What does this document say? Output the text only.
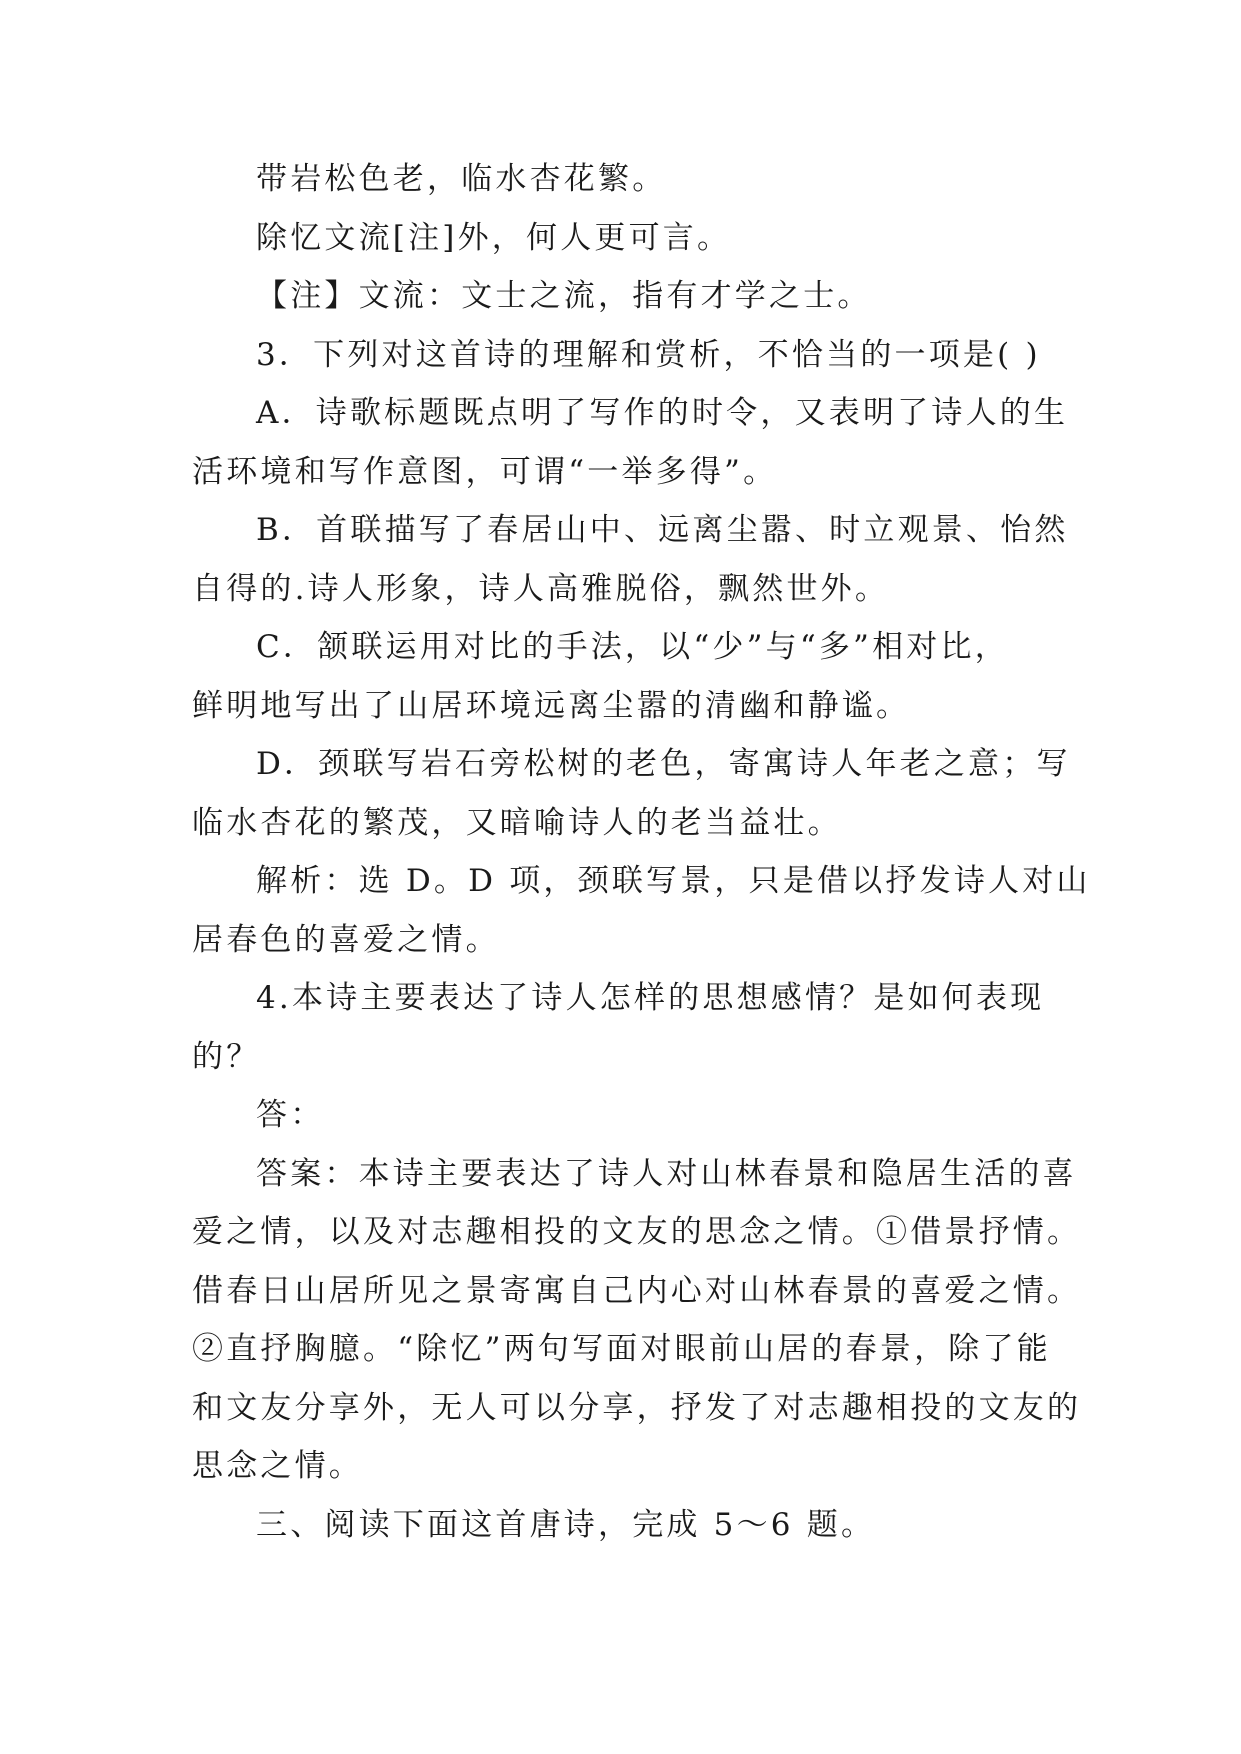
带岩松色老，临水杏花繁。
除忆文流[注]外，何人更可言。
【注】文流：文士之流，指有才学之士。
3．下列对这首诗的理解和赏析，不恰当的一项是( )
A．诗歌标题既点明了写作的时令，又表明了诗人的生
活环境和写作意图，可谓“一举多得”。
B．首联描写了春居山中、远离尘嚣、时立观景、怡然
自得的.诗人形象，诗人高雅脱俗，飘然世外。
C．颔联运用对比的手法，以“少”与“多”相对比，
鲜明地写出了山居环境远离尘嚣的清幽和静谧。
D．颈联写岩石旁松树的老色，寄寓诗人年老之意；写
临水杏花的繁茂，又暗喻诗人的老当益壮。
解析：选 D。D 项，颈联写景，只是借以抒发诗人对山
居春色的喜爱之情。
4.本诗主要表达了诗人怎样的思想感情？是如何表现
的？
答：
答案：本诗主要表达了诗人对山林春景和隐居生活的喜
爱之情，以及对志趣相投的文友的思念之情。①借景抒情。
借春日山居所见之景寄寓自己内心对山林春景的喜爱之情。
②直抒胸臆。“除忆”两句写面对眼前山居的春景，除了能
和文友分享外，无人可以分享，抒发了对志趣相投的文友的
思念之情。
三、阅读下面这首唐诗，完成 5～6 题。
